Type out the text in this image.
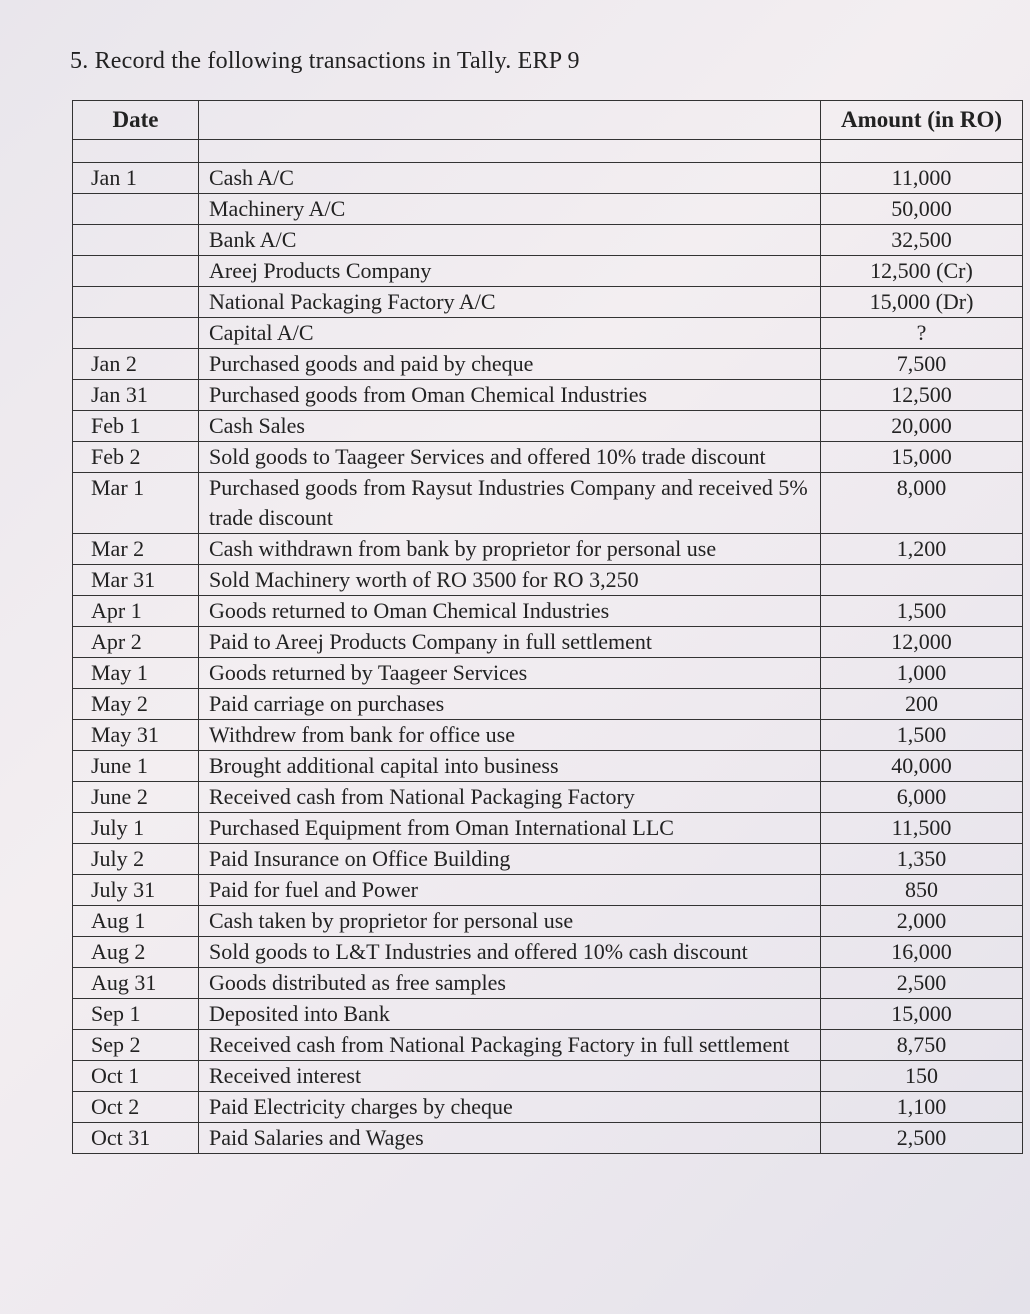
5. Record the following transactions in Tally. ERP 9
Date		Amount (in RO)

Jan 1	Cash A/C	11,000
	Machinery A/C	50,000
	Bank A/C	32,500
	Areej Products Company	12,500 (Cr)
	National Packaging Factory A/C	15,000 (Dr)
	Capital A/C	?
Jan 2	Purchased goods and paid by cheque	7,500
Jan 31	Purchased goods from Oman Chemical Industries	12,500
Feb 1	Cash Sales	20,000
Feb 2	Sold goods to Taageer Services and offered 10% trade discount	15,000
Mar 1	Purchased goods from Raysut Industries Company and received 5% trade discount	8,000
Mar 2	Cash withdrawn from bank by proprietor for personal use	1,200
Mar 31	Sold Machinery worth of RO 3500 for RO 3,250	
Apr 1	Goods returned to Oman Chemical Industries	1,500
Apr 2	Paid to Areej Products Company in full settlement	12,000
May 1	Goods returned by Taageer Services	1,000
May 2	Paid carriage on purchases	200
May 31	Withdrew from bank for office use	1,500
June 1	Brought additional capital into business	40,000
June 2	Received cash from National Packaging Factory	6,000
July 1	Purchased Equipment from Oman International LLC	11,500
July 2	Paid Insurance on Office Building	1,350
July 31	Paid for fuel and Power	850
Aug 1	Cash taken by proprietor for personal use	2,000
Aug 2	Sold goods to L&T Industries and offered 10% cash discount	16,000
Aug 31	Goods distributed as free samples	2,500
Sep 1	Deposited into Bank	15,000
Sep 2	Received cash from National Packaging Factory in full settlement	8,750
Oct 1	Received interest	150
Oct 2	Paid Electricity charges by cheque	1,100
Oct 31	Paid Salaries and Wages	2,500
